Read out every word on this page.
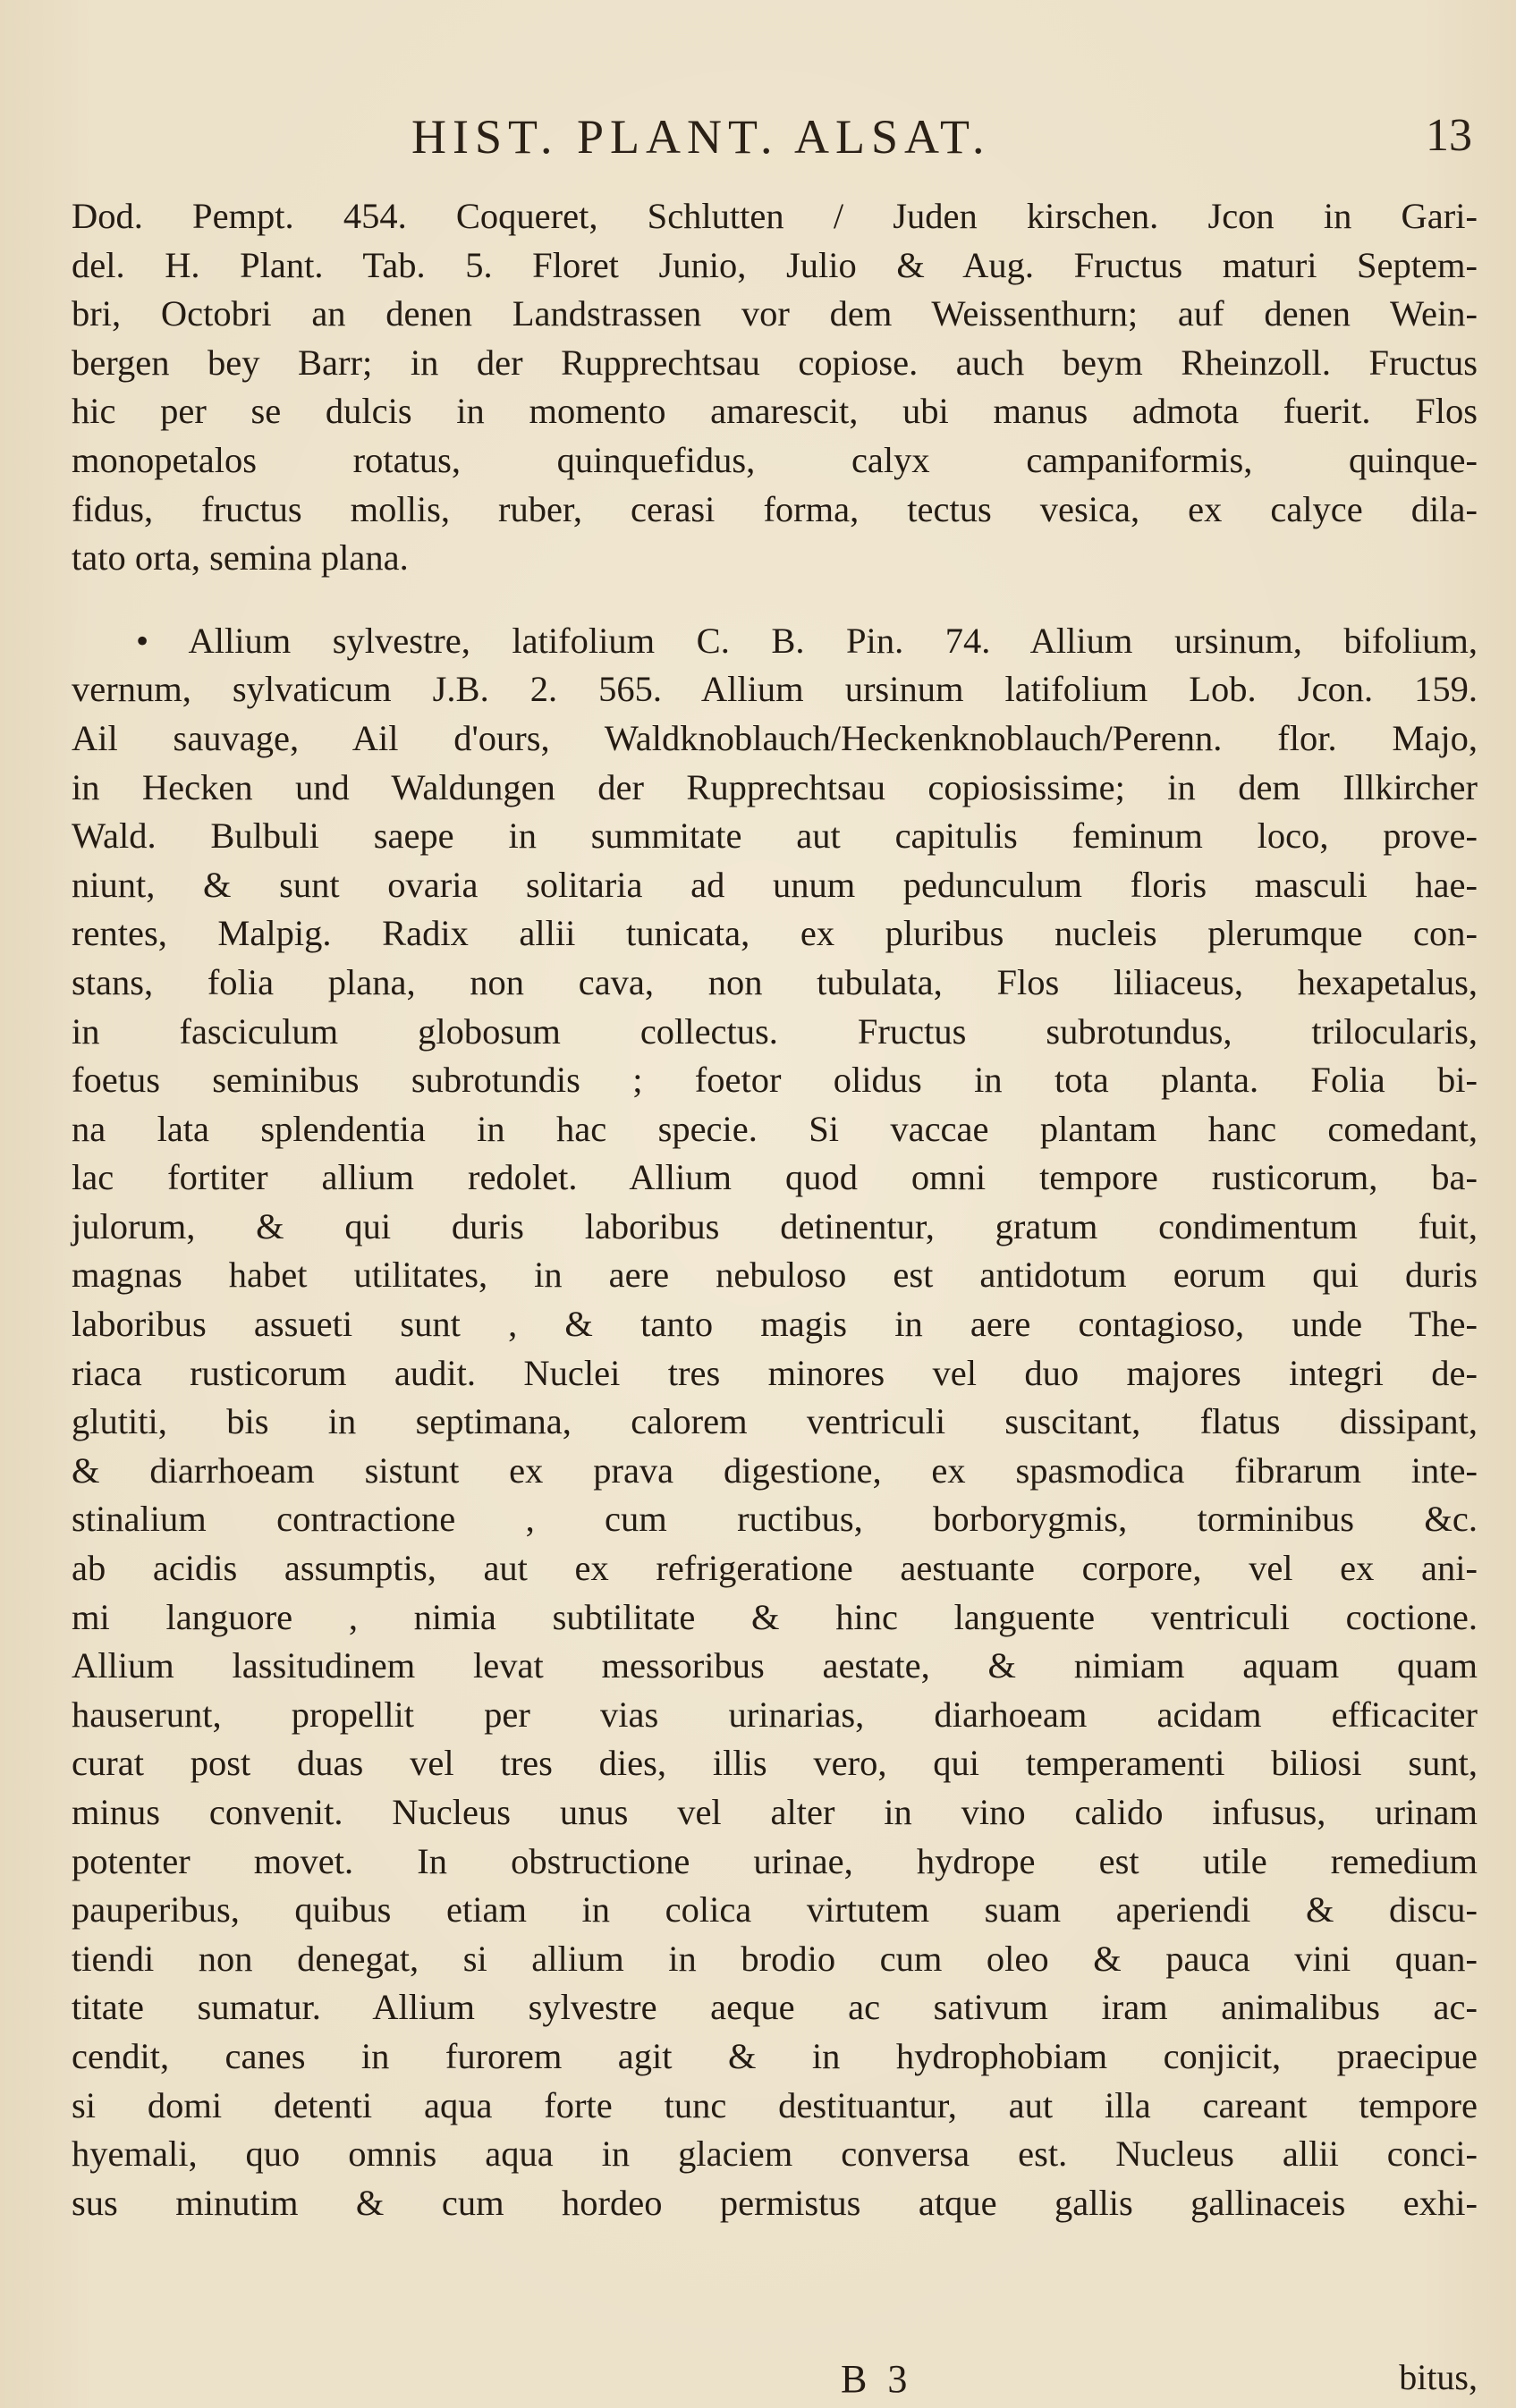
HIST. PLANT. ALSAT.	13
Dod. Pempt. 454. Coqueret, Schlutten / Juden kirschen. Jcon in Gari-
del. H. Plant. Tab. 5. Floret Junio, Julio & Aug. Fructus maturi Septem-
bri, Octobri an denen Landstrassen vor dem Weissenthurn; auf denen Wein-
bergen bey Barr; in der Rupprechtsau copiose. auch beym Rheinzoll. Fructus
hic per se dulcis in momento amarescit, ubi manus admota fuerit. Flos
monopetalos rotatus, quinquefidus, calyx campaniformis, quinque-
fidus, fructus mollis, ruber, cerasi forma, tectus vesica, ex calyce dila-
tato orta, semina plana.
• Allium sylvestre, latifolium C. B. Pin. 74. Allium ursinum, bifolium,
vernum, sylvaticum J.B. 2. 565. Allium ursinum latifolium Lob. Jcon. 159.
Ail sauvage, Ail d'ours, Waldknoblauch/Heckenknoblauch/Perenn. flor. Majo,
in Hecken und Waldungen der Rupprechtsau copiosissime; in dem Illkircher
Wald. Bulbuli saepe in summitate aut capitulis feminum loco, prove-
niunt, & sunt ovaria solitaria ad unum pedunculum floris masculi hae-
rentes, Malpig. Radix allii tunicata, ex pluribus nucleis plerumque con-
stans, folia plana, non cava, non tubulata, Flos liliaceus, hexapetalus,
in fasciculum globosum collectus. Fructus subrotundus, trilocularis,
foetus seminibus subrotundis ; foetor olidus in tota planta. Folia bi-
na lata splendentia in hac specie. Si vaccae plantam hanc comedant,
lac fortiter allium redolet. Allium quod omni tempore rusticorum, ba-
julorum, & qui duris laboribus detinentur, gratum condimentum fuit,
magnas habet utilitates, in aere nebuloso est antidotum eorum qui duris
laboribus assueti sunt , & tanto magis in aere contagioso, unde The-
riaca rusticorum audit. Nuclei tres minores vel duo majores integri de-
glutiti, bis in septimana, calorem ventriculi suscitant, flatus dissipant,
& diarrhoeam sistunt ex prava digestione, ex spasmodica fibrarum inte-
stinalium contractione , cum ructibus, borborygmis, torminibus &c.
ab acidis assumptis, aut ex refrigeratione aestuante corpore, vel ex ani-
mi languore , nimia subtilitate & hinc languente ventriculi coctione.
Allium lassitudinem levat messoribus aestate, & nimiam aquam quam
hauserunt, propellit per vias urinarias, diarhoeam acidam efficaciter
curat post duas vel tres dies, illis vero, qui temperamenti biliosi sunt,
minus convenit. Nucleus unus vel alter in vino calido infusus, urinam
potenter movet. In obstructione urinae, hydrope est utile remedium
pauperibus, quibus etiam in colica virtutem suam aperiendi & discu-
tiendi non denegat, si allium in brodio cum oleo & pauca vini quan-
titate sumatur. Allium sylvestre aeque ac sativum iram animalibus ac-
cendit, canes in furorem agit & in hydrophobiam conjicit, praecipue
si domi detenti aqua forte tunc destituantur, aut illa careant tempore
hyemali, quo omnis aqua in glaciem conversa est. Nucleus allii conci-
sus minutim & cum hordeo permistus atque gallis gallinaceis exhi-
B 3	bitus,
